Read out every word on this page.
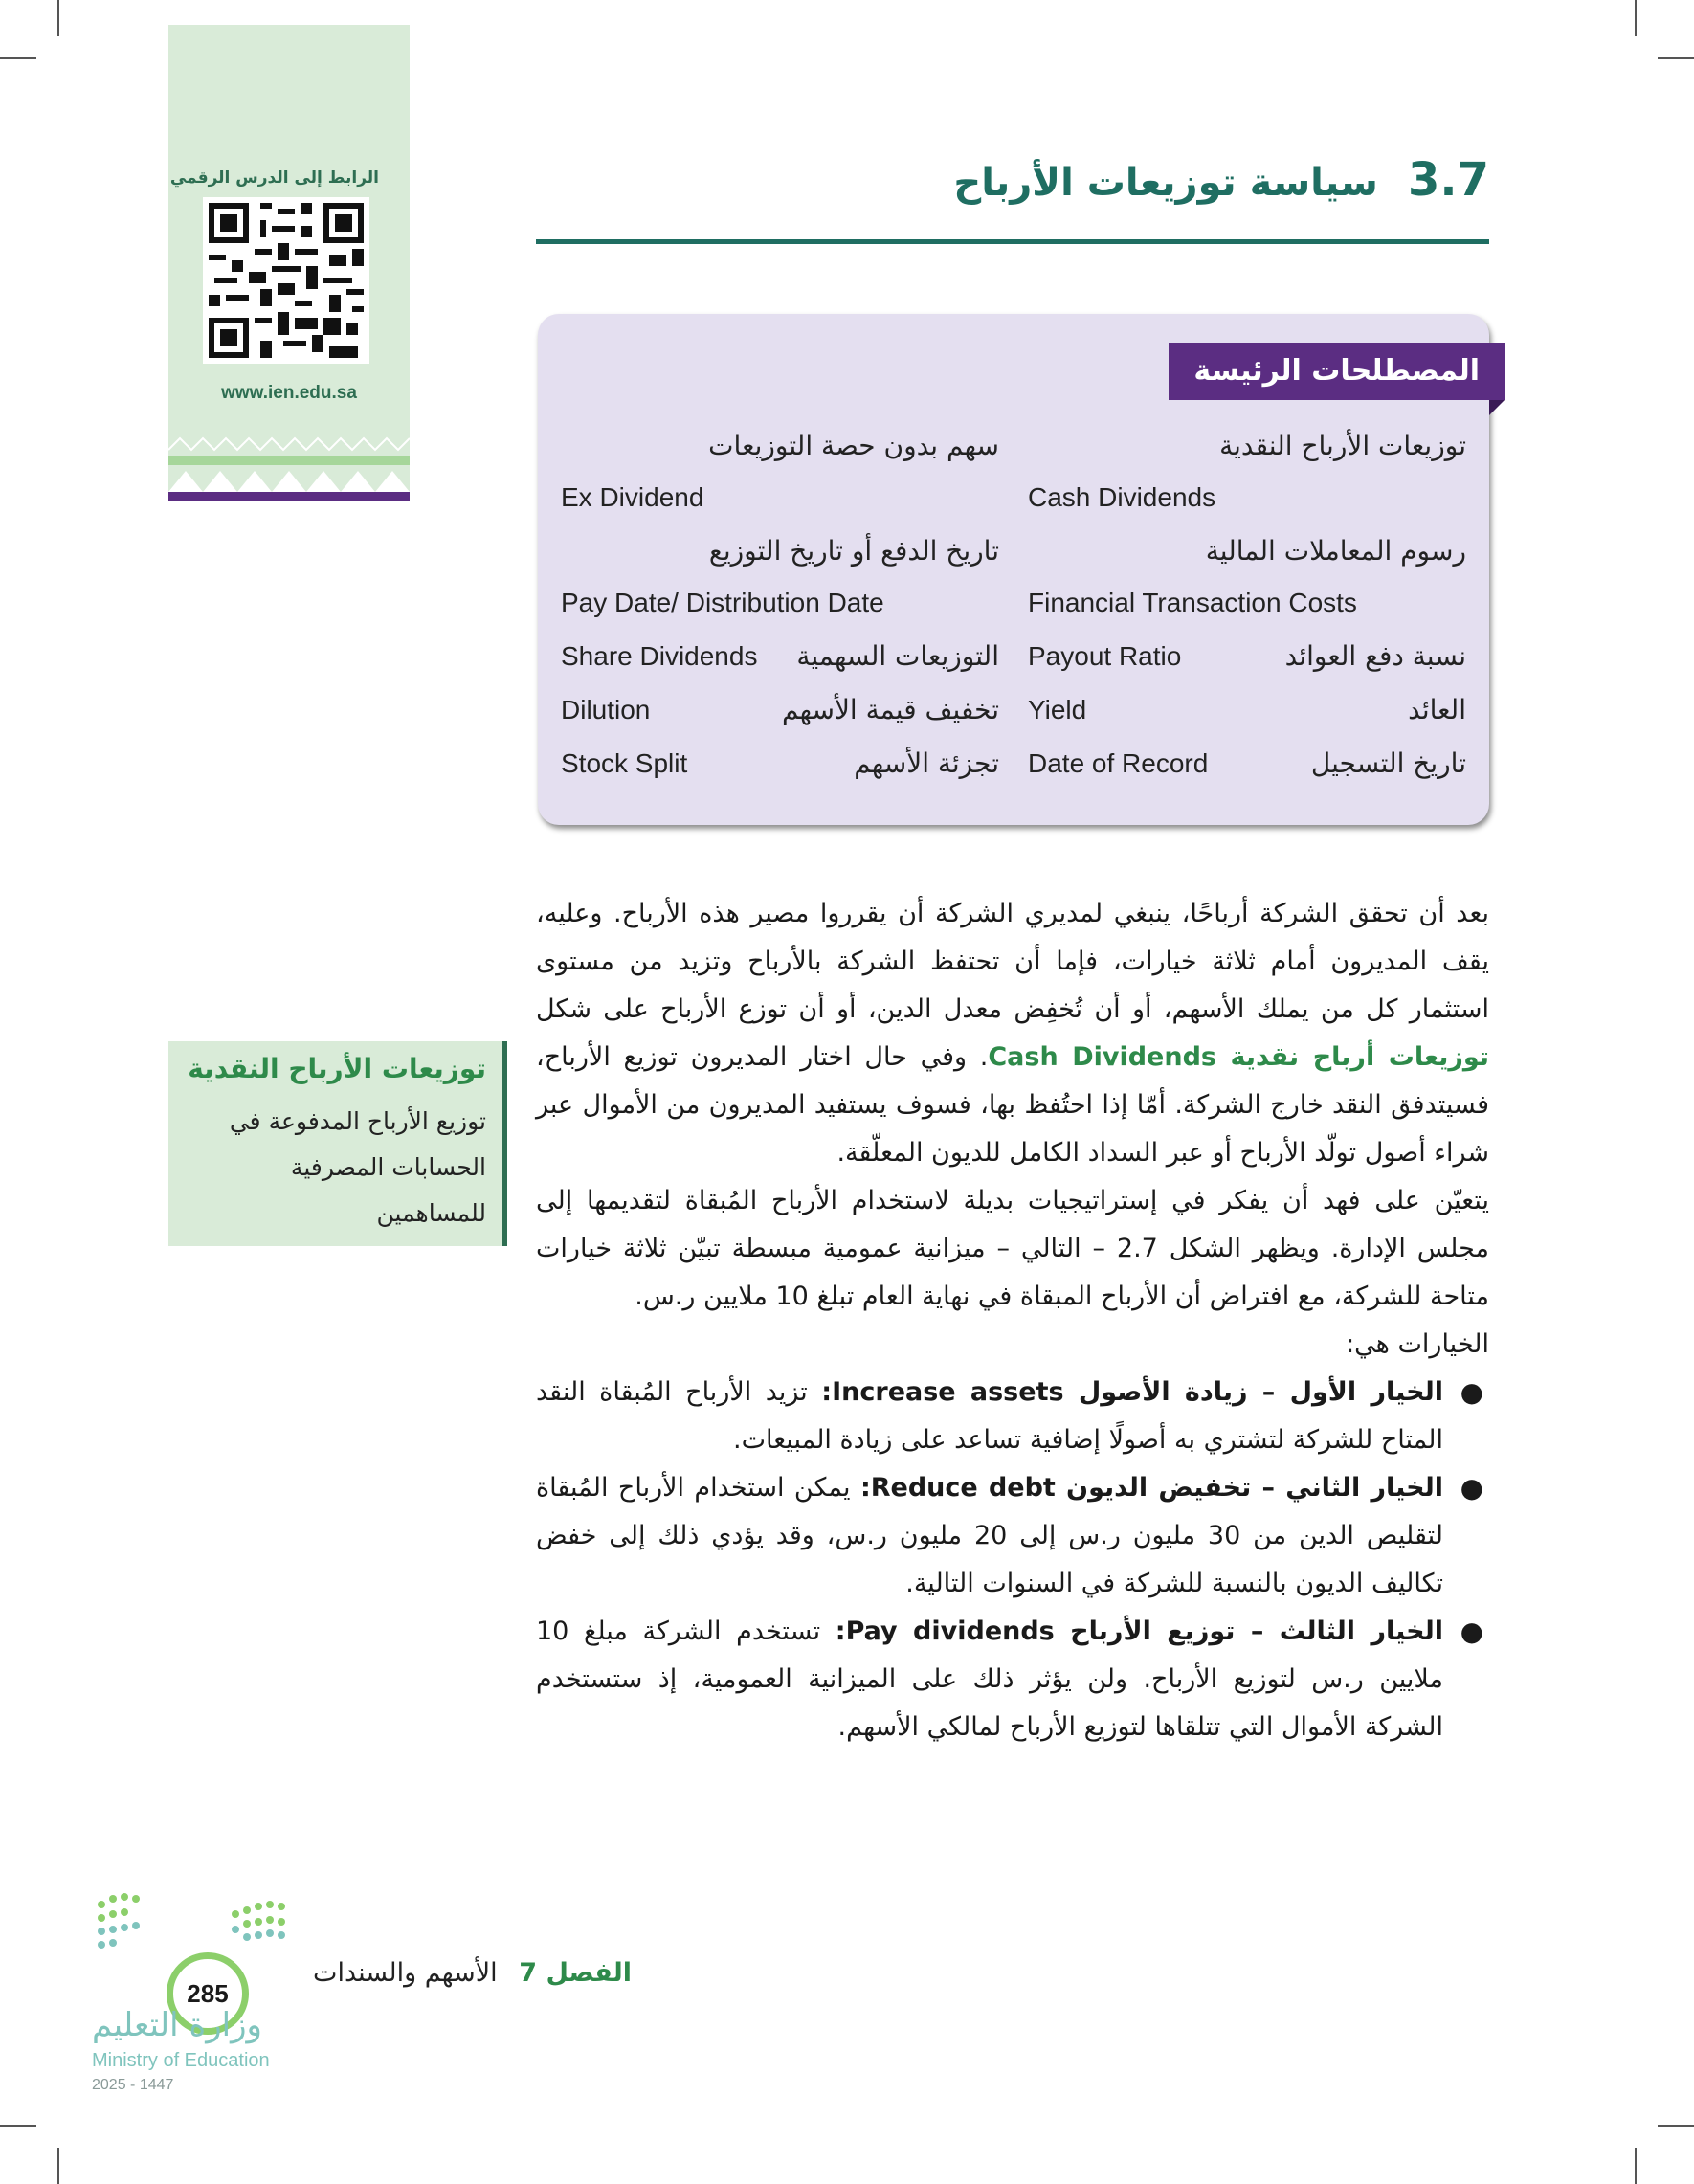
الرابط إلى الدرس الرقمي
www.ien.edu.sa
3.7 سياسة توزيعات الأرباح
المصطلحات الرئيسة
توزيعات الأرباح النقدية
Cash Dividends
رسوم المعاملات المالية
Financial Transaction Costs
نسبة دفع العوائد
Payout Ratio
العائد
Yield
تاريخ التسجيل
Date of Record
سهم بدون حصة التوزيعات
Ex Dividend
تاريخ الدفع أو تاريخ التوزيع
Pay Date/ Distribution Date
التوزيعات السهمية
Share Dividends
تخفيف قيمة الأسهم
Dilution
تجزئة الأسهم
Stock Split

بعد أن تحقق الشركة أرباحًا، ينبغي لمديري الشركة أن يقرروا مصير هذه الأرباح. وعليه، يقف المديرون أمام ثلاثة خيارات، فإما أن تحتفظ الشركة بالأرباح وتزيد من مستوى استثمار كل من يملك الأسهم، أو أن تُخفِض معدل الدين، أو أن توزع الأرباح على شكل توزيعات أرباح نقدية Cash Dividends. وفي حال اختار المديرون توزيع الأرباح، فسيتدفق النقد خارج الشركة. أمّا إذا احتُفظ بها، فسوف يستفيد المديرون من الأموال عبر شراء أصول تولّد الأرباح أو عبر السداد الكامل للديون المعلّقة.

يتعيّن على فهد أن يفكر في إستراتيجيات بديلة لاستخدام الأرباح المُبقاة لتقديمها إلى مجلس الإدارة. ويظهر الشكل 2.7 – التالي – ميزانية عمومية مبسطة تبيّن ثلاثة خيارات متاحة للشركة، مع افتراض أن الأرباح المبقاة في نهاية العام تبلغ 10 ملايين ر.س.

الخيارات هي:

●
الخيار الأول – زيادة الأصول Increase assets: تزيد الأرباح المُبقاة النقد المتاح للشركة لتشتري به أصولًا إضافية تساعد على زيادة المبيعات.

●
الخيار الثاني – تخفيض الديون Reduce debt: يمكن استخدام الأرباح المُبقاة لتقليص الدين من 30 مليون ر.س إلى 20 مليون ر.س، وقد يؤدي ذلك إلى خفض تكاليف الديون بالنسبة للشركة في السنوات التالية.

●
الخيار الثالث – توزيع الأرباح Pay dividends: تستخدم الشركة مبلغ 10 ملايين ر.س لتوزيع الأرباح. ولن يؤثر ذلك على الميزانية العمومية، إذ ستستخدم الشركة الأموال التي تتلقاها لتوزيع الأرباح لمالكي الأسهم.

توزيعات الأرباح النقدية
توزيع الأرباح المدفوعة في الحسابات المصرفية للمساهمين
الفصل 7 الأسهم والسندات
285
وزارة التعليم
Ministry of Education
2025 - 1447
